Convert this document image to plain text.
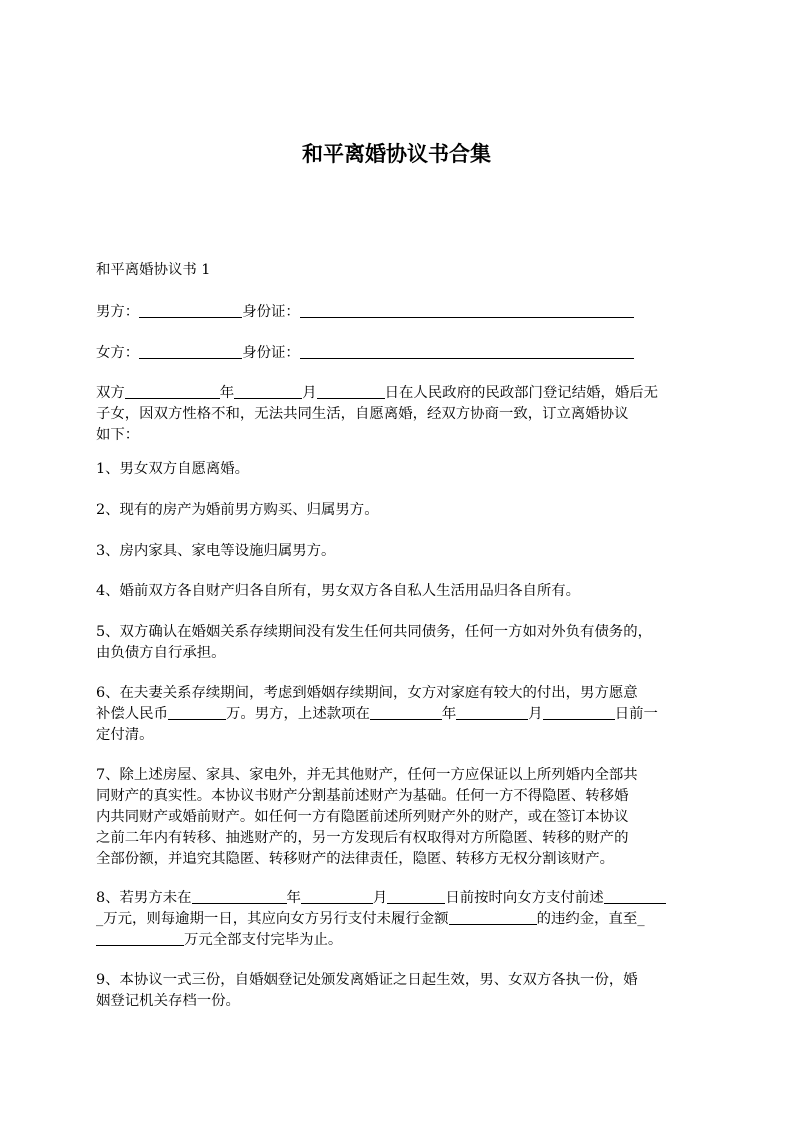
和平离婚协议书合集
和平离婚协议书 1
男方：	身份证：
女方：	身份证：
双方	年	月	日在人民政府的民政部门登记结婚，婚后无
子女，因双方性格不和，无法共同生活，自愿离婚，经双方协商一致，订立离婚协议
如下：
1、男女双方自愿离婚。
2、现有的房产为婚前男方购买、归属男方。
3、房内家具、家电等设施归属男方。
4、婚前双方各自财产归各自所有，男女双方各自私人生活用品归各自所有。
5、双方确认在婚姻关系存续期间没有发生任何共同债务，任何一方如对外负有债务的，
由负债方自行承担。
6、在夫妻关系存续期间，考虑到婚姻存续期间，女方对家庭有较大的付出，男方愿意
补偿人民币	万。男方，上述款项在	年	月	日前一
定付清。
7、除上述房屋、家具、家电外，并无其他财产，任何一方应保证以上所列婚内全部共
同财产的真实性。本协议书财产分割基前述财产为基础。任何一方不得隐匿、转移婚
内共同财产或婚前财产。如任何一方有隐匿前述所列财产外的财产，或在签订本协议
之前二年内有转移、抽逃财产的，另一方发现后有权取得对方所隐匿、转移的财产的
全部份额，并追究其隐匿、转移财产的法律责任，隐匿、转移方无权分割该财产。
8、若男方未在	年	月	日前按时向女方支付前述
_万元，则每逾期一日，其应向女方另行支付未履行金额	的违约金，直至_
万元全部支付完毕为止。
9、本协议一式三份，自婚姻登记处颁发离婚证之日起生效，男、女双方各执一份，婚
姻登记机关存档一份。
